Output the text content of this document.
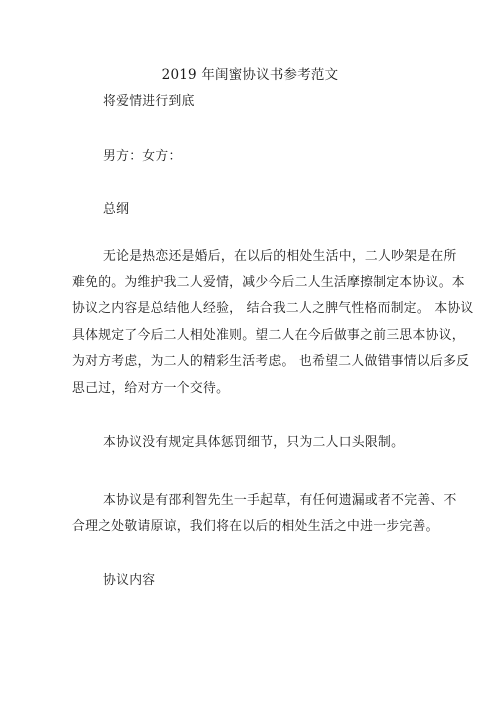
2019 年闺蜜协议书参考范文
将爱情进行到底
男方：女方：
总纲
无论是热恋还是婚后，在以后的相处生活中，二人吵架是在所
难免的。为维护我二人爱情，减少今后二人生活摩擦制定本协议。本
协议之内容是总结他人经验， 结合我二人之脾气性格而制定。 本协议
具体规定了今后二人相处准则。望二人在今后做事之前三思本协议，
为对方考虑，为二人的精彩生活考虑。 也希望二人做错事情以后多反
思己过，给对方一个交待。
本协议没有规定具体惩罚细节，只为二人口头限制。
本协议是有邵利智先生一手起草，有任何遗漏或者不完善、不
合理之处敬请原谅，我们将在以后的相处生活之中进一步完善。
协议内容
